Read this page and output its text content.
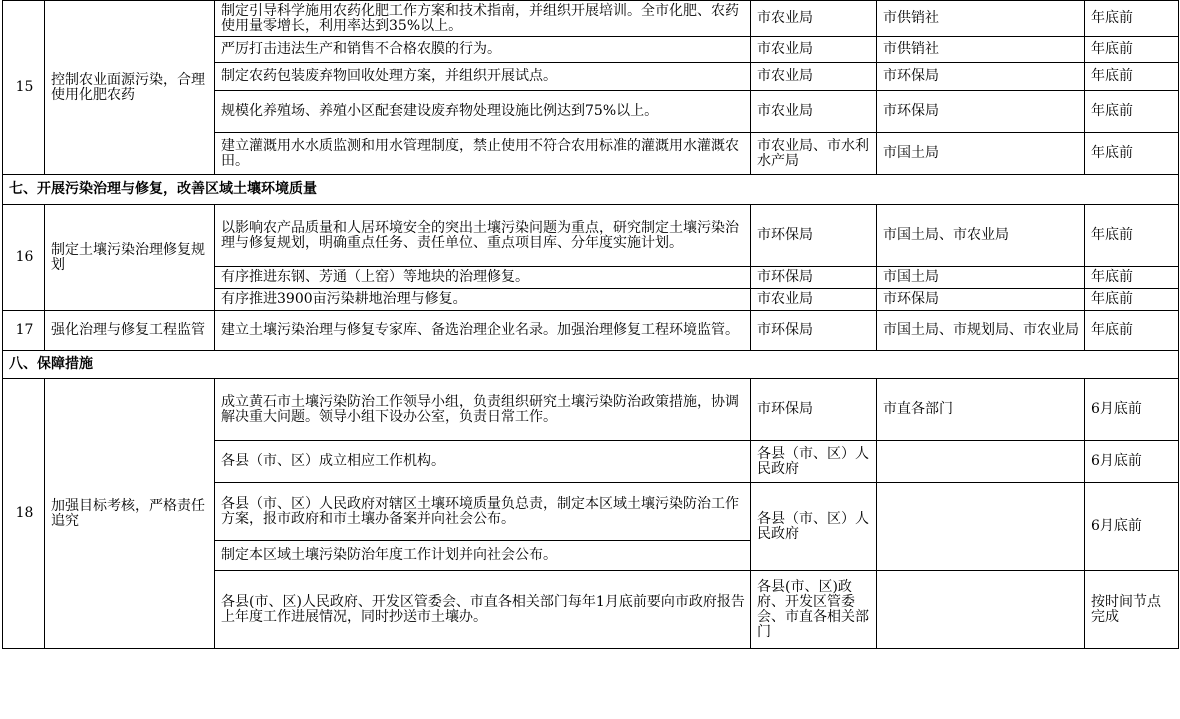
15	控制农业面源污染，合理使用化肥农药	制定引导科学施用农药化肥工作方案和技术指南，并组织开展培训。全市化肥、农药使用量零增长，利用率达到35%以上。	市农业局	市供销社	年底前
		严厉打击违法生产和销售不合格农膜的行为。	市农业局	市供销社	年底前
		制定农药包装废弃物回收处理方案，并组织开展试点。	市农业局	市环保局	年底前
		规模化养殖场、养殖小区配套建设废弃物处理设施比例达到75%以上。	市农业局	市环保局	年底前
		建立灌溉用水水质监测和用水管理制度，禁止使用不符合农用标准的灌溉用水灌溉农田。	市农业局、市水利水产局	市国土局	年底前
七、开展污染治理与修复，改善区域土壤环境质量					
16	制定土壤污染治理修复规划	以影响农产品质量和人居环境安全的突出土壤污染问题为重点，研究制定土壤污染治理与修复规划，明确重点任务、责任单位、重点项目库、分年度实施计划。	市环保局	市国土局、市农业局	年底前
		有序推进东钢、芳通（上窑）等地块的治理修复。	市环保局	市国土局	年底前
		有序推进3900亩污染耕地治理与修复。	市农业局	市环保局	年底前
17	强化治理与修复工程监管	建立土壤污染治理与修复专家库、备选治理企业名录。加强治理修复工程环境监管。	市环保局	市国土局、市规划局、市农业局	年底前
八、保障措施					
18	加强目标考核，严格责任追究	成立黄石市土壤污染防治工作领导小组，负责组织研究土壤污染防治政策措施，协调解决重大问题。领导小组下设办公室，负责日常工作。	市环保局	市直各部门	6月底前
		各县（市、区）成立相应工作机构。	各县（市、区）人民政府		6月底前
		各县（市、区）人民政府对辖区土壤环境质量负总责，制定本区域土壤污染防治工作方案，报市政府和市土壤办备案并向社会公布。	各县（市、区）人民政府		6月底前
		制定本区域土壤污染防治年度工作计划并向社会公布。			
		各县(市、区)人民政府、开发区管委会、市直各相关部门每年1月底前要向市政府报告上年度工作进展情况，同时抄送市土壤办。	各县(市、区)政府、开发区管委会、市直各相关部门		按时间节点完成
